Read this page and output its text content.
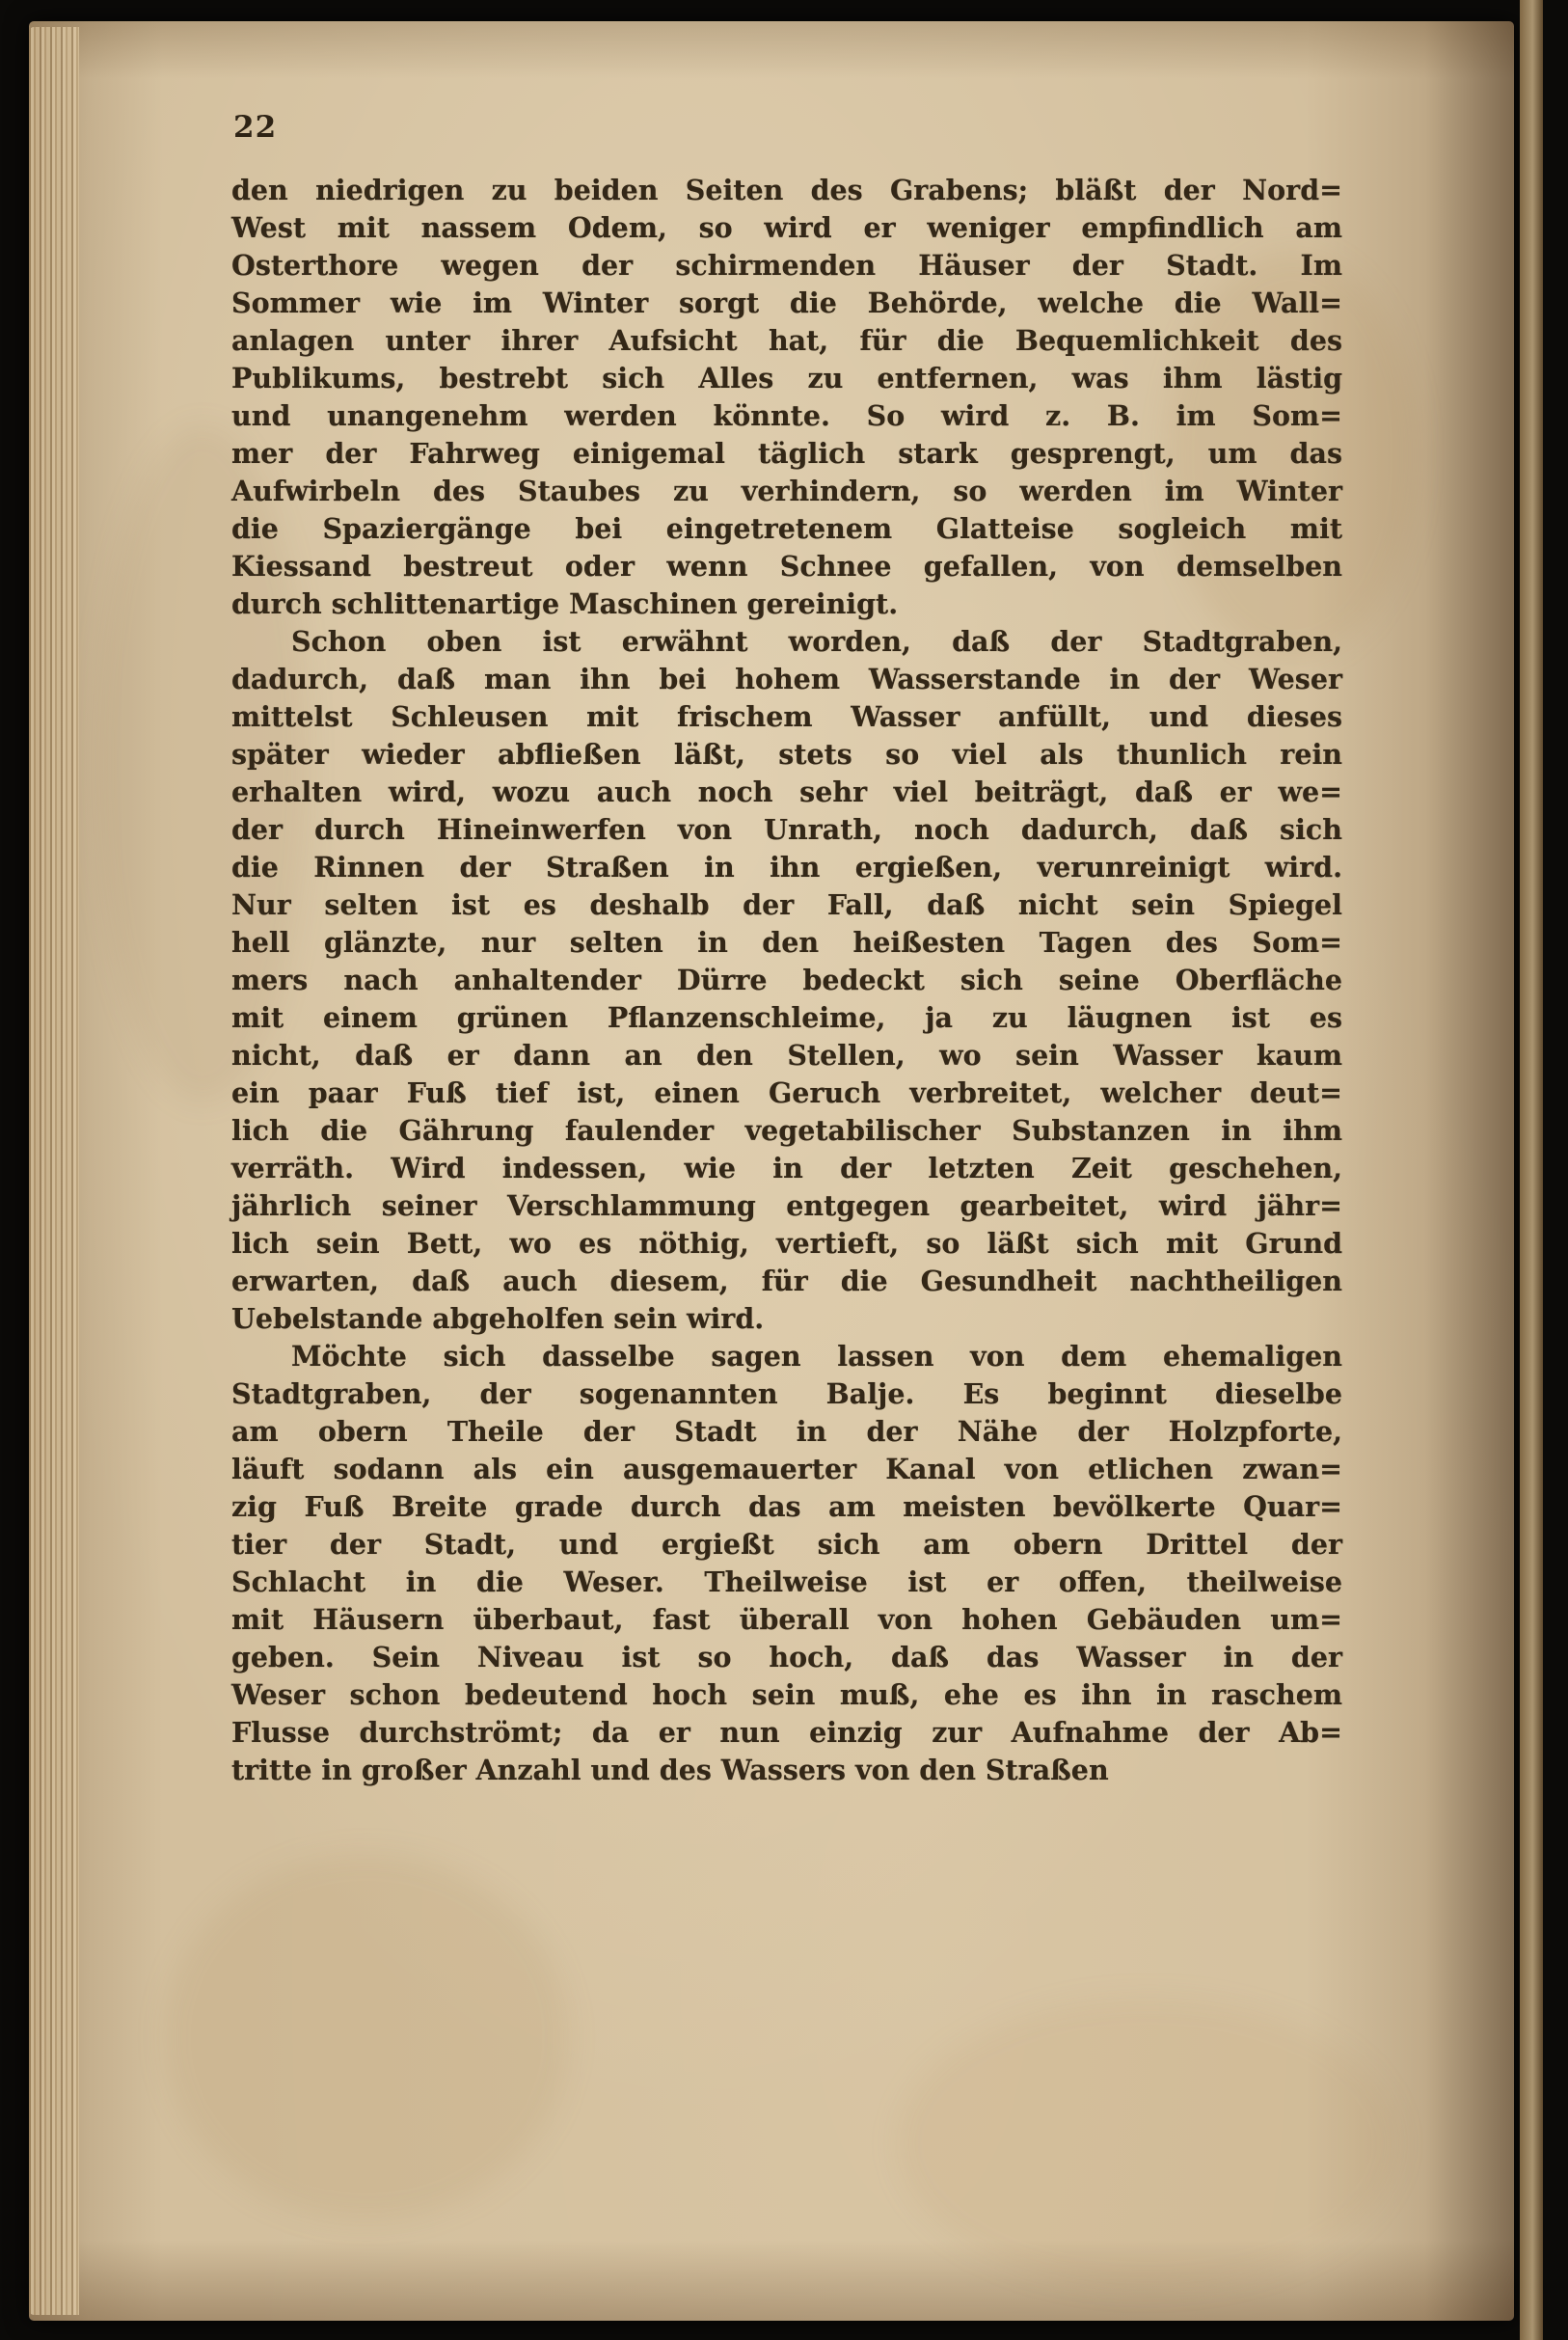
22
den niedrigen zu beiden Seiten des Grabens; bläßt der Nord=
West mit nassem Odem, so wird er weniger empfindlich am
Osterthore wegen der schirmenden Häuser der Stadt. Im
Sommer wie im Winter sorgt die Behörde, welche die Wall=
anlagen unter ihrer Aufsicht hat, für die Bequemlichkeit des
Publikums, bestrebt sich Alles zu entfernen, was ihm lästig
und unangenehm werden könnte. So wird z. B. im Som=
mer der Fahrweg einigemal täglich stark gesprengt, um das
Aufwirbeln des Staubes zu verhindern, so werden im Winter
die Spaziergänge bei eingetretenem Glatteise sogleich mit
Kiessand bestreut oder wenn Schnee gefallen, von demselben
durch schlittenartige Maschinen gereinigt.
Schon oben ist erwähnt worden, daß der Stadtgraben,
dadurch, daß man ihn bei hohem Wasserstande in der Weser
mittelst Schleusen mit frischem Wasser anfüllt, und dieses
später wieder abfließen läßt, stets so viel als thunlich rein
erhalten wird, wozu auch noch sehr viel beiträgt, daß er we=
der durch Hineinwerfen von Unrath, noch dadurch, daß sich
die Rinnen der Straßen in ihn ergießen, verunreinigt wird.
Nur selten ist es deshalb der Fall, daß nicht sein Spiegel
hell glänzte, nur selten in den heißesten Tagen des Som=
mers nach anhaltender Dürre bedeckt sich seine Oberfläche
mit einem grünen Pflanzenschleime, ja zu läugnen ist es
nicht, daß er dann an den Stellen, wo sein Wasser kaum
ein paar Fuß tief ist, einen Geruch verbreitet, welcher deut=
lich die Gährung faulender vegetabilischer Substanzen in ihm
verräth. Wird indessen, wie in der letzten Zeit geschehen,
jährlich seiner Verschlammung entgegen gearbeitet, wird jähr=
lich sein Bett, wo es nöthig, vertieft, so läßt sich mit Grund
erwarten, daß auch diesem, für die Gesundheit nachtheiligen
Uebelstande abgeholfen sein wird.
Möchte sich dasselbe sagen lassen von dem ehemaligen
Stadtgraben, der sogenannten Balje. Es beginnt dieselbe
am obern Theile der Stadt in der Nähe der Holzpforte,
läuft sodann als ein ausgemauerter Kanal von etlichen zwan=
zig Fuß Breite grade durch das am meisten bevölkerte Quar=
tier der Stadt, und ergießt sich am obern Drittel der
Schlacht in die Weser. Theilweise ist er offen, theilweise
mit Häusern überbaut, fast überall von hohen Gebäuden um=
geben. Sein Niveau ist so hoch, daß das Wasser in der
Weser schon bedeutend hoch sein muß, ehe es ihn in raschem
Flusse durchströmt; da er nun einzig zur Aufnahme der Ab=
tritte in großer Anzahl und des Wassers von den Straßen
